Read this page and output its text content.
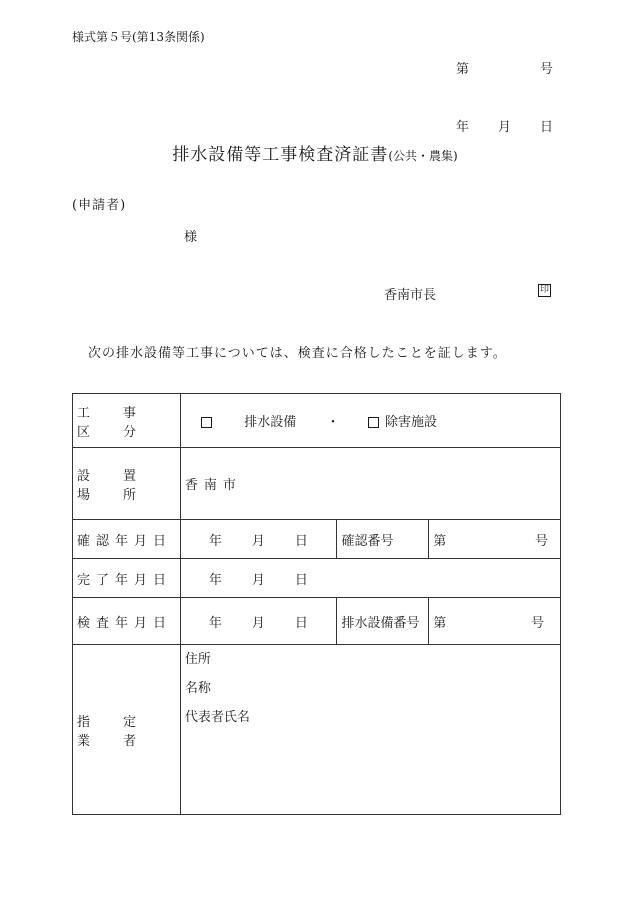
様式第５号(第13条関係)
第	号
年 月 日
排水設備等工事検査済証書(公共・農集)
(申請者)
様
香南市長	印
次の排水設備等工事については、検査に合格したことを証します。
工　事　区　分	排水設備 ・ 除害施設		
設　置　場　所	香南市		
確認年月日	年 月 日	確認番号	第 号

完了年月日	年 月 日		
検査年月日	年 月 日	排水設備番号	第 号

指　定　業　者	住所
名称
代表者氏名		
